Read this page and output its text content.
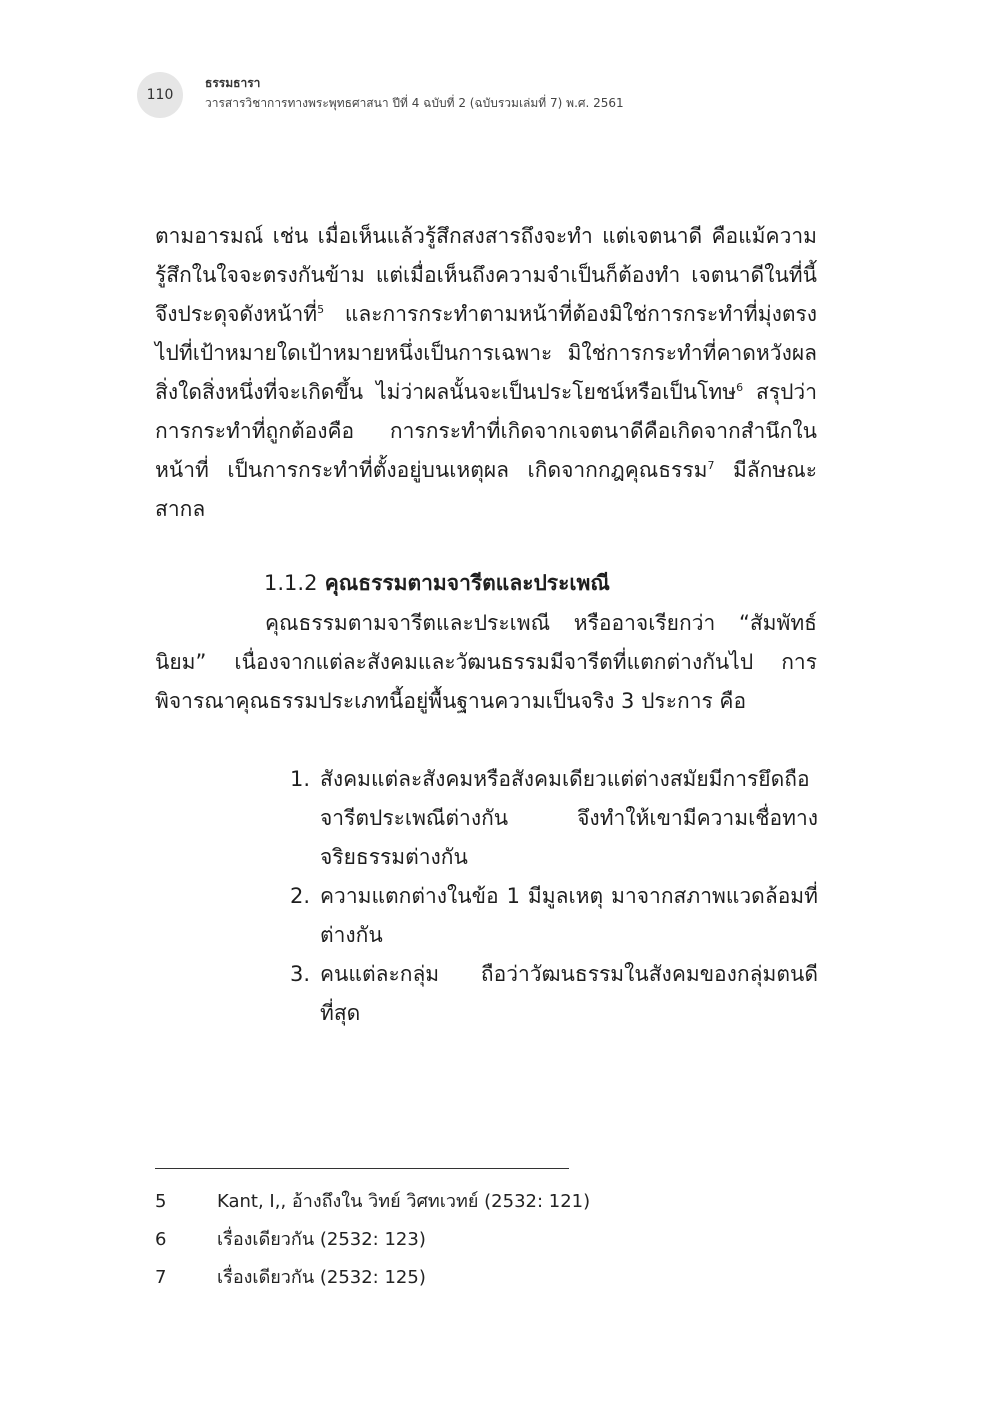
110
ธรรมธารา
วารสารวิชาการทางพระพุทธศาสนา ปีที่ 4 ฉบับที่ 2 (ฉบับรวมเล่มที่ 7) พ.ศ. 2561

ตามอารมณ์ เช่น เมื่อเห็นแล้วรู้สึกสงสารถึงจะทำ แต่เจตนาดี คือแม้ความรู้สึกในใจจะตรงกันข้าม แต่เมื่อเห็นถึงความจำเป็นก็ต้องทำ เจตนาดีในที่นี้จึงประดุจดังหน้าที่$^5$ และการกระทำตามหน้าที่ต้องมิใช่การกระทำที่มุ่งตรงไปที่เป้าหมายใดเป้าหมายหนึ่งเป็นการเฉพาะ มิใช่การกระทำที่คาดหวังผลสิ่งใดสิ่งหนึ่งที่จะเกิดขึ้น ไม่ว่าผลนั้นจะเป็นประโยชน์หรือเป็นโทษ$^6$ สรุปว่า การกระทำที่ถูกต้องคือ การกระทำที่เกิดจากเจตนาดีคือเกิดจากสำนึกในหน้าที่ เป็นการกระทำที่ตั้งอยู่บนเหตุผล เกิดจากกฎคุณธรรม$^7$ มีลักษณะสากล

1.1.2 คุณธรรมตามจารีตและประเพณี

คุณธรรมตามจารีตและประเพณี หรืออาจเรียกว่า “สัมพัทธ์นิยม” เนื่องจากแต่ละสังคมและวัฒนธรรมมีจารีตที่แตกต่างกันไป การพิจารณาคุณธรรมประเภทนี้อยู่พื้นฐานความเป็นจริง 3 ประการ คือ

1. สังคมแต่ละสังคมหรือสังคมเดียวแต่ต่างสมัยมีการยึดถือจารีตประเพณีต่างกัน จึงทำให้เขามีความเชื่อทางจริยธรรมต่างกัน
2. ความแตกต่างในข้อ 1 มีมูลเหตุ มาจากสภาพแวดล้อมที่ต่างกัน
3. คนแต่ละกลุ่ม ถือว่าวัฒนธรรมในสังคมของกลุ่มตนดีที่สุด
5	Kant, I,, อ้างถึงใน วิทย์ วิศทเวทย์ (2532: 121)
6	เรื่องเดียวกัน (2532: 123)
7	เรื่องเดียวกัน (2532: 125)
